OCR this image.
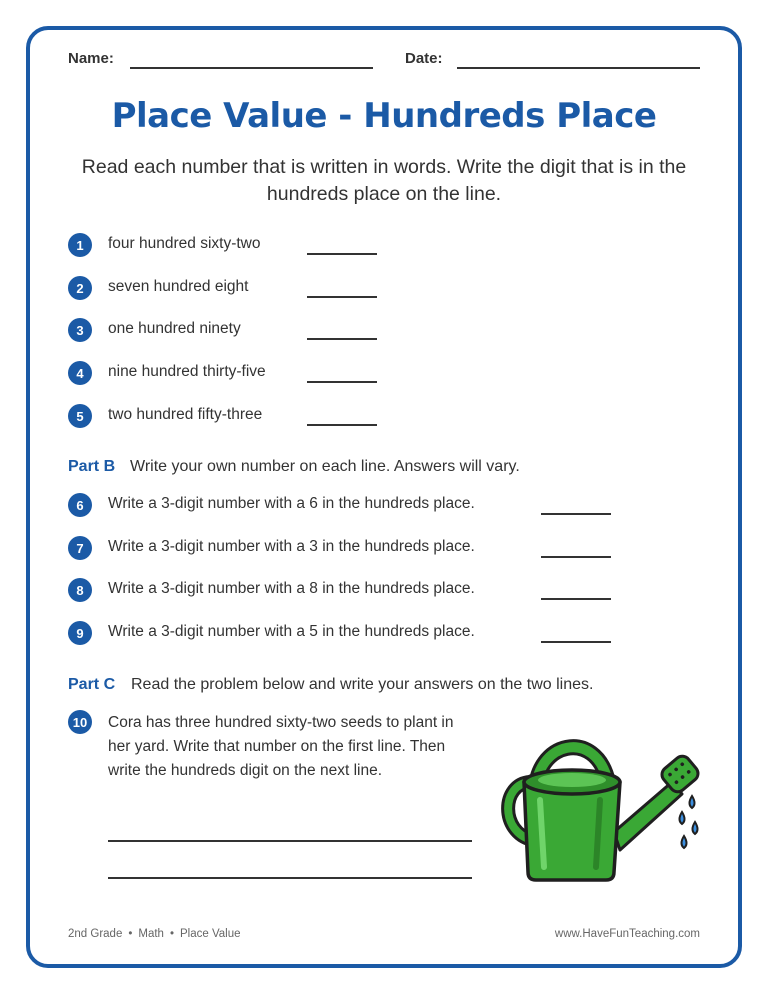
Name:	Date:
Place Value - Hundreds Place

Read each number that is written in words. Write the digit that is in the hundreds place on the line.

1	four hundred sixty-two
2	seven hundred eight
3	one hundred ninety
4	nine hundred thirty-five
5	two hundred fifty-three
Part B Write your own number on each line. Answers will vary.
6	Write a 3-digit number with a 6 in the hundreds place.
7	Write a 3-digit number with a 3 in the hundreds place.
8	Write a 3-digit number with a 8 in the hundreds place.
9	Write a 3-digit number with a 5 in the hundreds place.
Part C Read the problem below and write your answers on the two lines.
10	Cora has three hundred sixty-two seeds to plant in her yard. Write that number on the first line. Then write the hundreds digit on the next line.

2nd Grade • Math • Place Value	www.HaveFunTeaching.com
